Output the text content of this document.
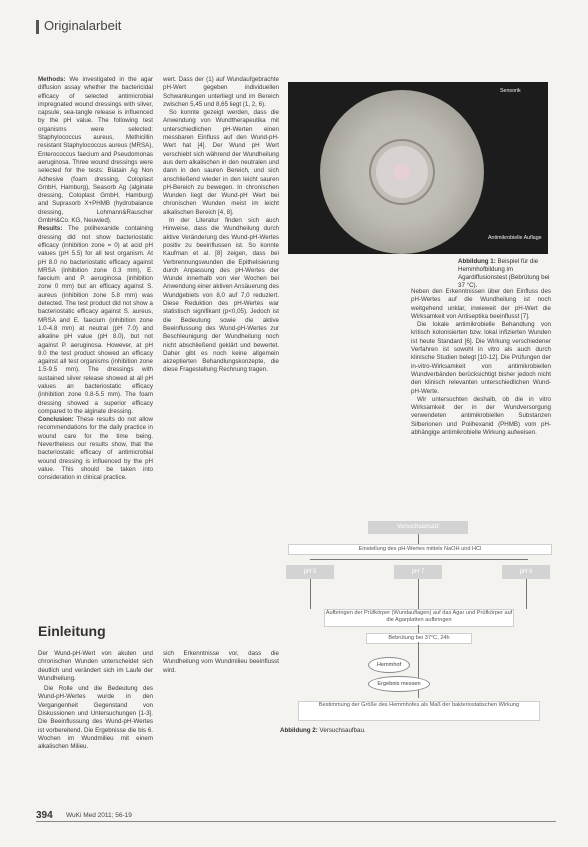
Originalarbeit

Methods: We investigated in the agar diffusion assay whether the bactericidal efficacy of selected antimicrobial impregnated wound dressings with silver, capsule, sea-tangle release is influenced by the pH value. The following test organisms were selected: Staphylococcus aureus, Methicillin resistant Staphylococcus aureus (MRSA), Enterococcus faecium and Pseudomonas aeruginosa. Three wound dressings were selected for the tests: Biatain Ag Non Adhesive (foam dressing, Coloplast GmbH, Hamburg), Seasorb Ag (alginate dressing, Coloplast GmbH, Hamburg) and Suprasorb X+PHMB (hydrobalance dressing, Lohmann&Rauscher GmbH&Co. KG, Neuwied).

Results: The polihexanide containing dressing did not show bacteriostatic efficacy (inhibition zone = 0) at acid pH values (pH 5.5) for all test organism. At pH 8.0 no bacteriostatic efficacy against MRSA (inhibition zone 0.3 mm), E. faecium and P. aeruginosa (inhibition zone 0 mm) but an efficacy against S. aureus (inhibition zone 5.8 mm) was detected. The test product did not show a bacteriostatic efficacy against S. aureus, MRSA and E. faecium (inhibition zone 1.0-4.8 mm) at neutral (pH 7.0) and alkaline pH value (pH 8.0), but not against P. aeruginosa. However, at pH 9.0 the test product showed an efficacy against all test organisms (inhibition zone 1.5-9.5 mm). The dressings with sustained silver release showed at all pH values an bacteriostatic efficacy (inhibition zone 0.8-5.5 mm). The foam dressing showed a superior efficacy compared to the alginate dressing.

Conclusion: These results do not allow recommendations for the daily practice in wound care for the time being. Nevertheless our results show, that the bacteriostatic efficacy of antimicrobial wound dressing is influenced by the pH value. This should be taken into consideration in clinical practice.

wert. Dass der (1) auf Wundaufgebrachte pH-Wert gegeben individuellen Schwankungen unterliegt und im Bereich zwischen 5,45 und 8,65 liegt (1, 2, 6).

So konnte gezeigt werden, dass die Anwendung von Wundtherapeutika mit unterschiedlichen pH-Werten einen messbaren Einfluss auf den Wund-pH-Wert hat [4]. Der Wund pH Wert verschiebt sich während der Wundheilung aus dem alkalischen in den neutralen und dann in den sauren Bereich, und sich anschließend wieder in den leicht sauren pH-Bereich zu bewegen. In chronischen Wunden liegt der Wund-pH Wert bei chronischen Wunden meist im leicht alkalischen Bereich [4, 8].

In der Literatur finden sich auch Hinweise, dass die Wundheilung durch aktive Veränderung des Wund-pH-Wertes positiv zu beeinflussen ist. So konnte Kaufman et al. [8] zeigen, dass bei Verbrennungswunden die Epithelisierung durch Anpassung des pH-Wertes der Wunde innerhalb von vier Wochen bei Anwendung einer aktiven Ansäuerung des Wundgebiets von 8,0 auf 7,0 reduziert. Diese Reduktion des pH-Wertes war statistisch signifikant (p<0,05). Jedoch ist die Bedeutung sowie die aktive Beeinflussung des Wund-pH-Wertes zur Beschleunigung der Wundheilung noch nicht abschließend geklärt und bewertet. Daher gibt es noch keine allgemein akzeptierten Behandlungskonzepte, die diese Fragestellung Rechnung tragen.

Sensorik
Antimikrobielle Auflage
Abbildung 1: Beispiel für die Hemmhofbildung im Agardiffusionstest (Bebrütung bei 37 °C).

Neben den Erkenntnissen über den Einfluss des pH-Wertes auf die Wundheilung ist noch weitgehend unklar, inwieweit der pH-Wert die Wirksamkeit von Antiseptika beeinflusst [7].

Die lokale antimikrobielle Behandlung von kritisch kolonisierten bzw. lokal infizierten Wunden ist heute Standard [6]. Die Wirkung verschiedener Verfahren ist sowohl in vitro als auch durch klinische Studien belegt [10-12]. Die Prüfungen der in-vitro-Wirksamkeit von antimikrobiellen Wundverbänden berücksichtigt bisher jedoch nicht den klinisch relevanten unterschiedlichen Wund-pH-Werte.

Wir untersuchten deshalb, ob die in vitro Wirksamkeit der in der Wundversorgung verwendeten antimikrobiellen Substanzen Silberionen und Polihexanid (PHMB) vom pH-abhängige antimikrobielle Wirkung aufweisen.

Versuchsansatz
Einstellung des pH-Wertes mittels NaOH und HCl
pH 5	pH 7	pH 8
Aufbringen der Prüfkörper (Wundauflagen) auf das Agar und Prüfkörper auf die Agarplatten aufbringen
Bebrütung bei 37°C, 24h
Hemmhof
Ergebnis messen
Bestimmung der Größe des Hemmhofes als Maß der bakteriostatischen Wirkung
Abbildung 2: Versuchsaufbau.
Einleitung

Der Wund-pH-Wert von akuten und chronischen Wunden unterscheidet sich deutlich und verändert sich im Laufe der Wundheilung.

Die Rolle und die Bedeutung des Wund-pH-Wertes wurde in den Vergangenheit Gegenstand von Diskussionen und Untersuchungen [1-3]. Die Beeinflussung des Wund-pH-Wertes ist vorbereitend. Die Ergebnisse die bis 6. Wochen im Wundmilieu mit einem alkalischen Milieu.

sich Erkenntnisse vor, dass die Wundheilung vom Wundmilieu beeinflusst wird.

394 WuKi Med 2011; 56-19
